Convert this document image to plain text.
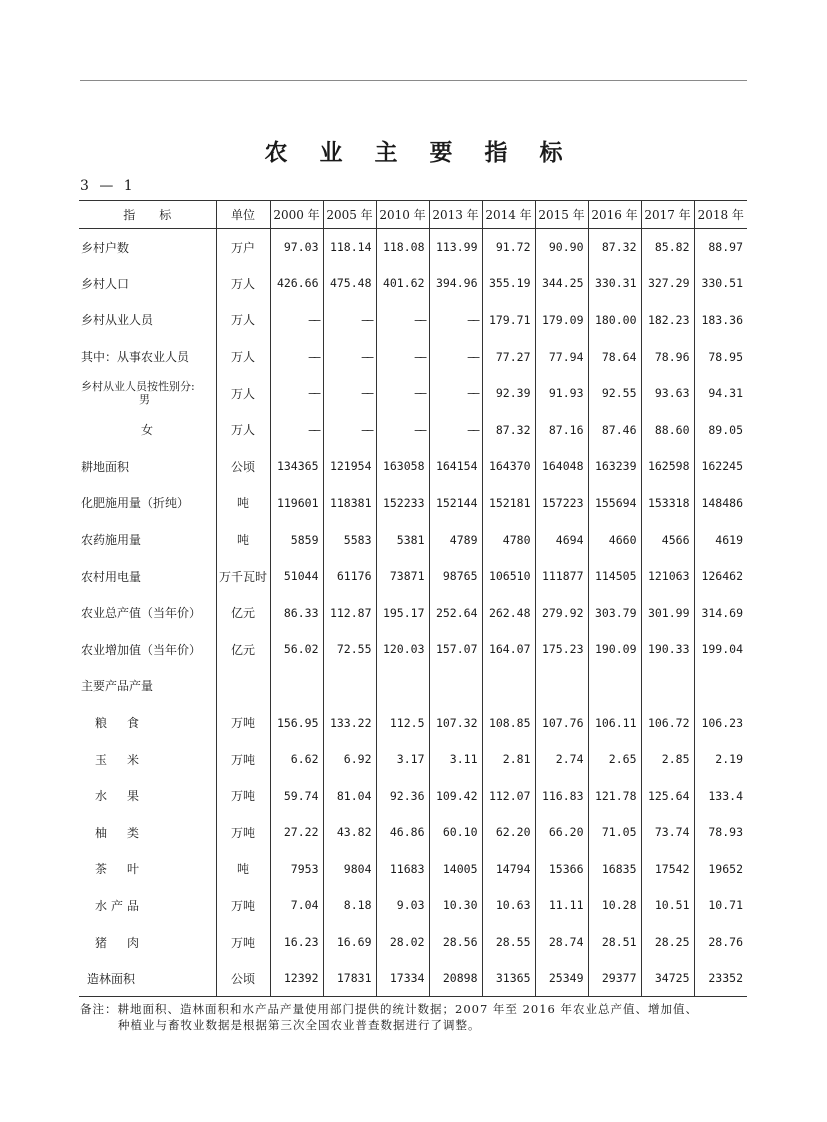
农 业 主 要 指 标
3 — 1
指　　标	单位	2000 年	2005 年	2010 年	2013 年	2014 年	2015 年	2016 年	2017 年	2018 年
乡村户数	万户	97.03	118.14	118.08	113.99	91.72	90.90	87.32	85.82	88.97
乡村人口	万人	426.66	475.48	401.62	394.96	355.19	344.25	330.31	327.29	330.51
乡村从业人员	万人	——	——	——	——	179.71	179.09	180.00	182.23	183.36
其中：从事农业人员	万人	——	——	——	——	77.27	77.94	78.64	78.96	78.95
乡村从业人员按性别分:
男	万人	——	——	——	——	92.39	91.93	92.55	93.63	94.31
女	万人	——	——	——	——	87.32	87.16	87.46	88.60	89.05
耕地面积	公顷	134365	121954	163058	164154	164370	164048	163239	162598	162245
化肥施用量（折纯）	吨	119601	118381	152233	152144	152181	157223	155694	153318	148486
农药施用量	吨	5859	5583	5381	4789	4780	4694	4660	4566	4619
农村用电量	万千瓦时	51044	61176	73871	98765	106510	111877	114505	121063	126462
农业总产值（当年价）	亿元	86.33	112.87	195.17	252.64	262.48	279.92	303.79	301.99	314.69
农业增加值（当年价）	亿元	56.02	72.55	120.03	157.07	164.07	175.23	190.09	190.33	199.04
主要产品产量										
粮　食	万吨	156.95	133.22	112.5	107.32	108.85	107.76	106.11	106.72	106.23
玉　米	万吨	6.62	6.92	3.17	3.11	2.81	2.74	2.65	2.85	2.19
水　果	万吨	59.74	81.04	92.36	109.42	112.07	116.83	121.78	125.64	133.4
柚　类	万吨	27.22	43.82	46.86	60.10	62.20	66.20	71.05	73.74	78.93
茶　叶	吨	7953	9804	11683	14005	14794	15366	16835	17542	19652
水产品	万吨	7.04	8.18	9.03	10.30	10.63	11.11	10.28	10.51	10.71
猪　肉	万吨	16.23	16.69	28.02	28.56	28.55	28.74	28.51	28.25	28.76
造林面积	公顷	12392	17831	17334	20898	31365	25349	29377	34725	23352
备注：耕地面积、造林面积和水产品产量使用部门提供的统计数据；2007 年至 2016 年农业总产值、增加值、
种植业与畜牧业数据是根据第三次全国农业普查数据进行了调整。
